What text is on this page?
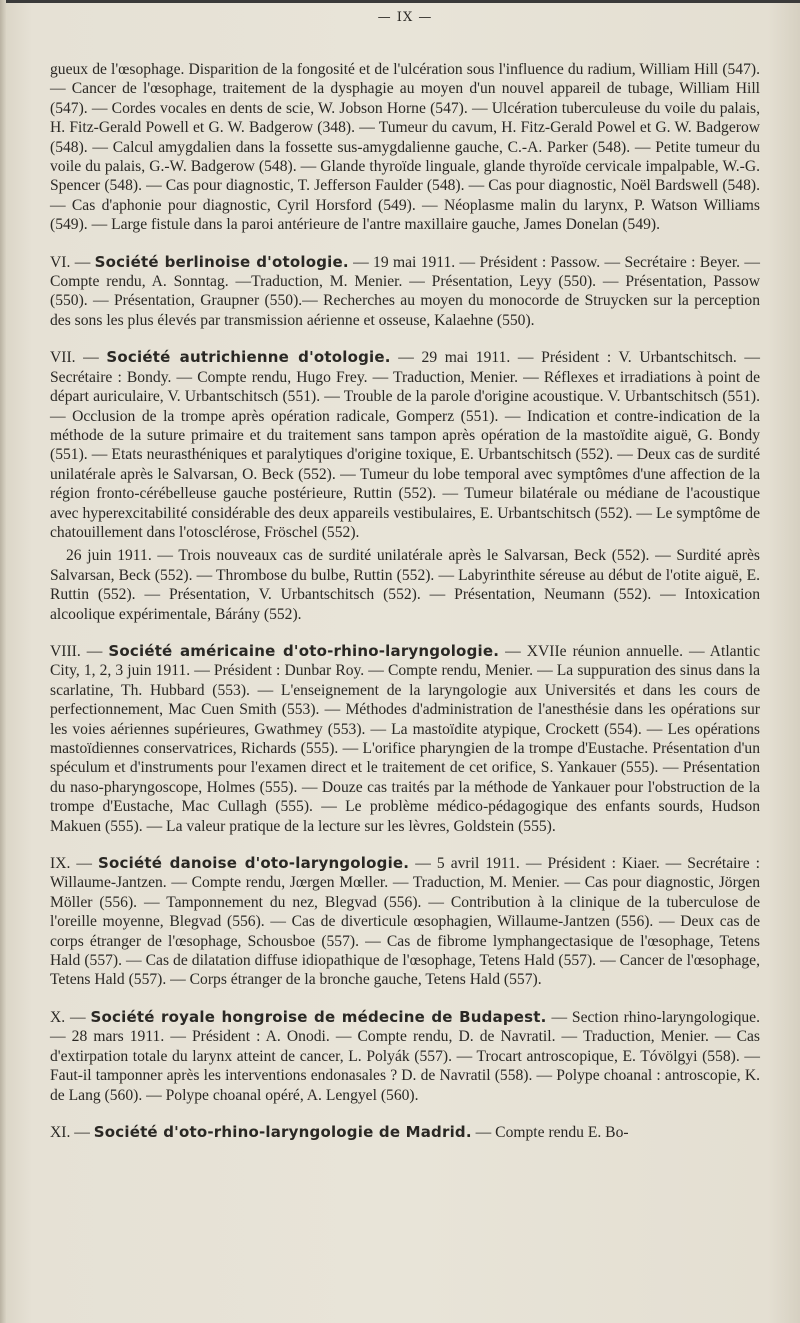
— IX —

gueux de l'œsophage. Disparition de la fongosité et de l'ulcération sous l'influence du radium, William Hill (547). — Cancer de l'œsophage, traitement de la dysphagie au moyen d'un nouvel appareil de tubage, William Hill (547). — Cordes vocales en dents de scie, W. Jobson Horne (547). — Ulcération tuberculeuse du voile du palais, H. Fitz-Gerald Powell et G. W. Badgerow (348). — Tumeur du cavum, H. Fitz-Gerald Powel et G. W. Badgerow (548). — Calcul amygdalien dans la fossette sus-amygdalienne gauche, C.-A. Parker (548). — Petite tumeur du voile du palais, G.-W. Badgerow (548). — Glande thyroïde linguale, glande thyroïde cervicale impalpable, W.-G. Spencer (548). — Cas pour diagnostic, T. Jefferson Faulder (548). — Cas pour diagnostic, Noël Bardswell (548). — Cas d'aphonie pour diagnostic, Cyril Horsford (549). — Néoplasme malin du larynx, P. Watson Williams (549). — Large fistule dans la paroi antérieure de l'antre maxillaire gauche, James Donelan (549).

VI. — Société berlinoise d'otologie. — 19 mai 1911. — Président : Passow. — Secrétaire : Beyer. — Compte rendu, A. Sonntag. —Traduction, M. Menier. — Présentation, Leyy (550). — Présentation, Passow (550). — Présentation, Graupner (550).— Recherches au moyen du monocorde de Struycken sur la perception des sons les plus élevés par transmission aérienne et osseuse, Kalaehne (550).

VII. — Société autrichienne d'otologie. — 29 mai 1911. — Président : V. Urbantschitsch. — Secrétaire : Bondy. — Compte rendu, Hugo Frey. — Traduction, Menier. — Réflexes et irradiations à point de départ auriculaire, V. Urbantschitsch (551). — Trouble de la parole d'origine acoustique. V. Urbantschitsch (551). — Occlusion de la trompe après opération radicale, Gomperz (551). — Indication et contre-indication de la méthode de la suture primaire et du traitement sans tampon après opération de la mastoïdite aiguë, G. Bondy (551). — Etats neurasthéniques et paralytiques d'origine toxique, E. Urbantschitsch (552). — Deux cas de surdité unilatérale après le Salvarsan, O. Beck (552). — Tumeur du lobe temporal avec symptômes d'une affection de la région fronto-cérébelleuse gauche postérieure, Ruttin (552). — Tumeur bilatérale ou médiane de l'acoustique avec hyperexcitabilité considérable des deux appareils vestibulaires, E. Urbantschitsch (552). — Le symptôme de chatouillement dans l'otosclérose, Fröschel (552).

26 juin 1911. — Trois nouveaux cas de surdité unilatérale après le Salvarsan, Beck (552). — Surdité après Salvarsan, Beck (552). — Thrombose du bulbe, Ruttin (552). — Labyrinthite séreuse au début de l'otite aiguë, E. Ruttin (552). — Présentation, V. Urbantschitsch (552). — Présentation, Neumann (552). — Intoxication alcoolique expérimentale, Bárány (552).

VIII. — Société américaine d'oto-rhino-laryngologie. — XVIIe réunion annuelle. — Atlantic City, 1, 2, 3 juin 1911. — Président : Dunbar Roy. — Compte rendu, Menier. — La suppuration des sinus dans la scarlatine, Th. Hubbard (553). — L'enseignement de la laryngologie aux Universités et dans les cours de perfectionnement, Mac Cuen Smith (553). — Méthodes d'administration de l'anesthésie dans les opérations sur les voies aériennes supérieures, Gwathmey (553). — La mastoïdite atypique, Crockett (554). — Les opérations mastoïdiennes conservatrices, Richards (555). — L'orifice pharyngien de la trompe d'Eustache. Présentation d'un spéculum et d'instruments pour l'examen direct et le traitement de cet orifice, S. Yankauer (555). — Présentation du naso-pharyngoscope, Holmes (555). — Douze cas traités par la méthode de Yankauer pour l'obstruction de la trompe d'Eustache, Mac Cullagh (555). — Le problème médico-pédagogique des enfants sourds, Hudson Makuen (555). — La valeur pratique de la lecture sur les lèvres, Goldstein (555).

IX. — Société danoise d'oto-laryngologie. — 5 avril 1911. — Président : Kiaer. — Secrétaire : Willaume-Jantzen. — Compte rendu, Jœrgen Mœller. — Traduction, M. Menier. — Cas pour diagnostic, Jörgen Möller (556). — Tamponnement du nez, Blegvad (556). — Contribution à la clinique de la tuberculose de l'oreille moyenne, Blegvad (556). — Cas de diverticule œsophagien, Willaume-Jantzen (556). — Deux cas de corps étranger de l'œsophage, Schousboe (557). — Cas de fibrome lymphangectasique de l'œsophage, Tetens Hald (557). — Cas de dilatation diffuse idiopathique de l'œsophage, Tetens Hald (557). — Cancer de l'œsophage, Tetens Hald (557). — Corps étranger de la bronche gauche, Tetens Hald (557).

X. — Société royale hongroise de médecine de Budapest. — Section rhino-laryngologique. — 28 mars 1911. — Président : A. Onodi. — Compte rendu, D. de Navratil. — Traduction, Menier. — Cas d'extirpation totale du larynx atteint de cancer, L. Polyák (557). — Trocart antroscopique, E. Tóvölgyi (558). — Faut-il tamponner après les interventions endonasales ? D. de Navratil (558). — Polype choanal : antroscopie, K. de Lang (560). — Polype choanal opéré, A. Lengyel (560).

XI. — Société d'oto-rhino-laryngologie de Madrid. — Compte rendu E. Bo-
